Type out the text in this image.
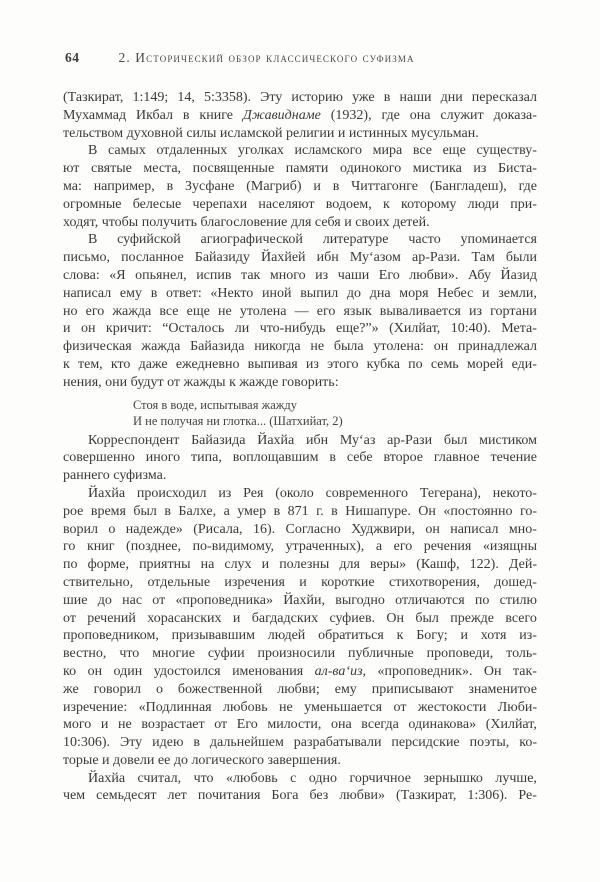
64	2. Исторический обзор классического суфизма
(Тазкират, 1:149; 14, 5:3358). Эту историю уже в наши дни пересказал
Мухаммад Икбал в книге Джавиднаме (1932), где она служит доказа-
тельством духовной силы исламской религии и истинных мусульман.
В самых отдаленных уголках исламского мира все еще существу-
ют святые места, посвященные памяти одинокого мистика из Биста-
ма: например, в Зусфане (Магриб) и в Читтагонге (Бангладеш), где
огромные белесые черепахи населяют водоем, к которому люди при-
ходят, чтобы получить благословение для себя и своих детей.
В суфийской агиографической литературе часто упоминается
письмо, посланное Байазиду Йахйей ибн Муʻазом ар-Рази. Там были
слова: «Я опьянел, испив так много из чаши Его любви». Абу Йазид
написал ему в ответ: «Некто иной выпил до дна моря Небес и земли,
но его жажда все еще не утолена — его язык вываливается из гортани
и он кричит: “Осталось ли что-нибудь еще?”» (Хилйат, 10:40). Мета-
физическая жажда Байазида никогда не была утолена: он принадлежал
к тем, кто даже ежедневно выпивая из этого кубка по семь морей еди-
нения, они будут от жажды к жажде говорить:
Стоя в воде, испытывая жажду
И не получая ни глотка... (Шатхийат, 2)
Корреспондент Байазида Йахйа ибн Муʻаз ар-Рази был мистиком
совершенно иного типа, воплощавшим в себе второе главное течение
раннего суфизма.
Йахйа происходил из Рея (около современного Тегерана), некото-
рое время был в Балхе, а умер в 871 г. в Нишапуре. Он «постоянно го-
ворил о надежде» (Рисала, 16). Согласно Худжвири, он написал мно-
го книг (позднее, по-видимому, утраченных), а его речения «изящны
по форме, приятны на слух и полезны для веры» (Кашф, 122). Дей-
ствительно, отдельные изречения и короткие стихотворения, дошед-
шие до нас от «проповедника» Йахйи, выгодно отличаются по стилю
от речений хорасанских и багдадских суфиев. Он был прежде всего
проповедником, призывавшим людей обратиться к Богу; и хотя из-
вестно, что многие суфии произносили публичные проповеди, толь-
ко он один удостоился именования ал-ваʻиз, «проповедник». Он так-
же говорил о божественной любви; ему приписывают знаменитое
изречение: «Подлинная любовь не уменьшается от жестокости Люби-
мого и не возрастает от Его милости, она всегда одинакова» (Хилйат,
10:306). Эту идею в дальнейшем разрабатывали персидские поэты, ко-
торые и довели ее до логического завершения.
Йахйа считал, что «любовь с одно горчичное зернышко лучше,
чем семьдесят лет почитания Бога без любви» (Тазкират, 1:306). Ре-
